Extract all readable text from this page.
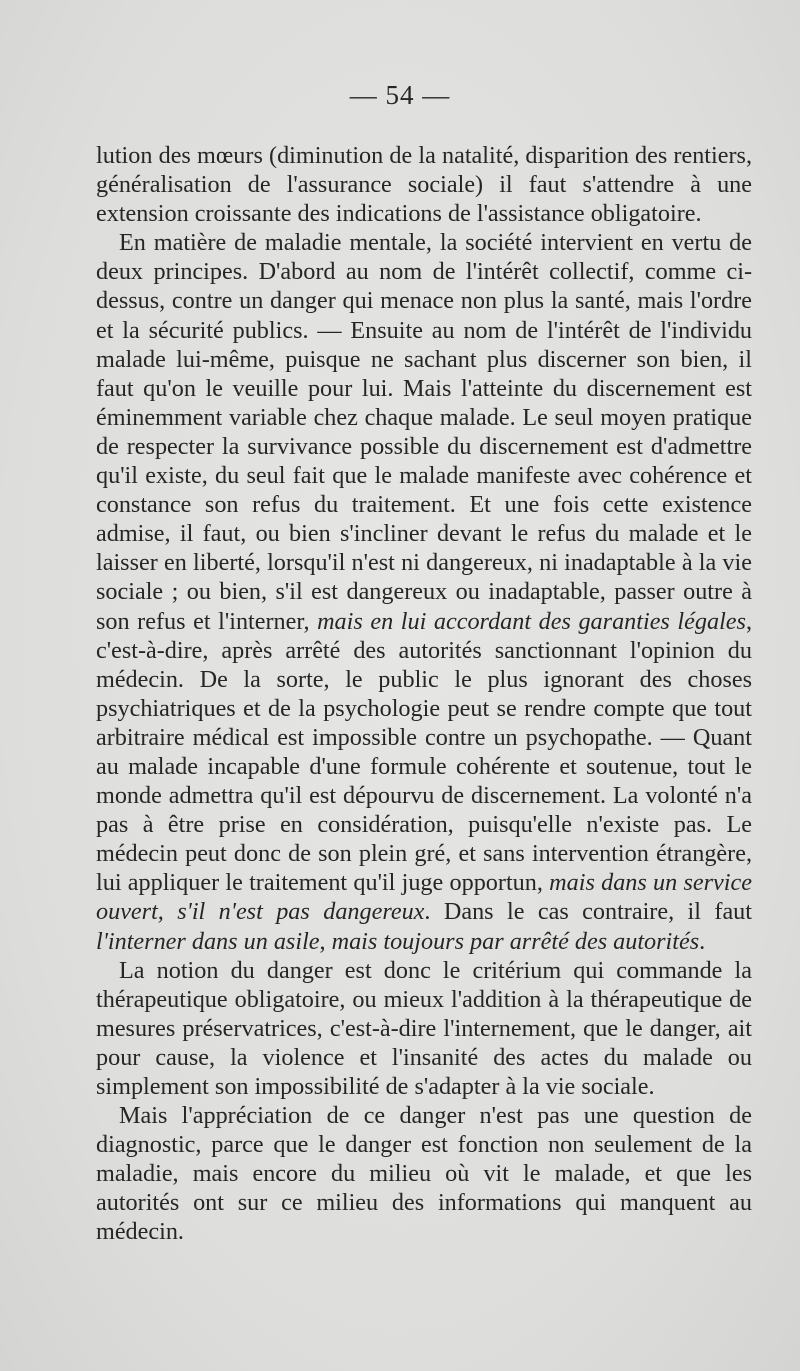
— 54 —

lution des mœurs (diminution de la natalité, disparition des rentiers, généralisation de l'assurance sociale) il faut s'attendre à une extension croissante des indications de l'assistance obligatoire.

En matière de maladie mentale, la société intervient en vertu de deux principes. D'abord au nom de l'intérêt collectif, comme ci-dessus, contre un danger qui menace non plus la santé, mais l'ordre et la sécurité publics. — Ensuite au nom de l'intérêt de l'individu malade lui-même, puisque ne sachant plus discerner son bien, il faut qu'on le veuille pour lui. Mais l'atteinte du discernement est éminemment variable chez chaque malade. Le seul moyen pratique de respecter la survivance possible du discernement est d'admettre qu'il existe, du seul fait que le malade manifeste avec cohérence et constance son refus du traitement. Et une fois cette existence admise, il faut, ou bien s'incliner devant le refus du malade et le laisser en liberté, lorsqu'il n'est ni dangereux, ni inadaptable à la vie sociale ; ou bien, s'il est dangereux ou inadaptable, passer outre à son refus et l'interner, mais en lui accordant des garanties légales, c'est-à-dire, après arrêté des autorités sanctionnant l'opinion du médecin. De la sorte, le public le plus ignorant des choses psychiatriques et de la psychologie peut se rendre compte que tout arbitraire médical est impossible contre un psychopathe. — Quant au malade incapable d'une formule cohérente et soutenue, tout le monde admettra qu'il est dépourvu de discernement. La volonté n'a pas à être prise en considération, puisqu'elle n'existe pas. Le médecin peut donc de son plein gré, et sans intervention étrangère, lui appliquer le traitement qu'il juge opportun, mais dans un service ouvert, s'il n'est pas dangereux. Dans le cas contraire, il faut l'interner dans un asile, mais toujours par arrêté des autorités.

La notion du danger est donc le critérium qui commande la thérapeutique obligatoire, ou mieux l'addition à la thérapeutique de mesures préservatrices, c'est-à-dire l'internement, que le danger, ait pour cause, la violence et l'insanité des actes du malade ou simplement son impossibilité de s'adapter à la vie sociale.

Mais l'appréciation de ce danger n'est pas une question de diagnostic, parce que le danger est fonction non seulement de la maladie, mais encore du milieu où vit le malade, et que les autorités ont sur ce milieu des informations qui manquent au médecin.
